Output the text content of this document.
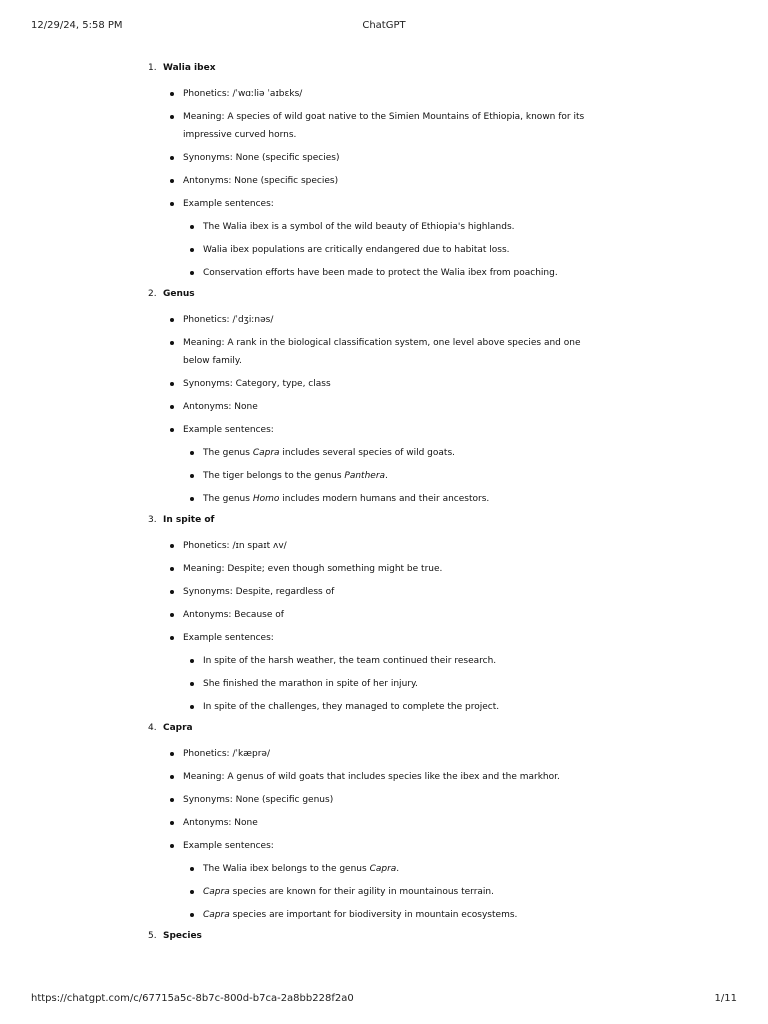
12/29/24, 5:58 PM	ChatGPT
1. Walia ibex
Phonetics: /ˈwɑːliə ˈaɪbɛks/
Meaning: A species of wild goat native to the Simien Mountains of Ethiopia, known for its impressive curved horns.
Synonyms: None (specific species)
Antonyms: None (specific species)
Example sentences:
The Walia ibex is a symbol of the wild beauty of Ethiopia's highlands.
Walia ibex populations are critically endangered due to habitat loss.
Conservation efforts have been made to protect the Walia ibex from poaching.
2. Genus
Phonetics: /ˈdʒiːnəs/
Meaning: A rank in the biological classification system, one level above species and one below family.
Synonyms: Category, type, class
Antonyms: None
Example sentences:
The genus Capra includes several species of wild goats.
The tiger belongs to the genus Panthera.
The genus Homo includes modern humans and their ancestors.
3. In spite of
Phonetics: /ɪn spaɪt ʌv/
Meaning: Despite; even though something might be true.
Synonyms: Despite, regardless of
Antonyms: Because of
Example sentences:
In spite of the harsh weather, the team continued their research.
She finished the marathon in spite of her injury.
In spite of the challenges, they managed to complete the project.
4. Capra
Phonetics: /ˈkæprə/
Meaning: A genus of wild goats that includes species like the ibex and the markhor.
Synonyms: None (specific genus)
Antonyms: None
Example sentences:
The Walia ibex belongs to the genus Capra.
Capra species are known for their agility in mountainous terrain.
Capra species are important for biodiversity in mountain ecosystems.
5. Species
https://chatgpt.com/c/67715a5c-8b7c-800d-b7ca-2a8bb228f2a0	1/11
